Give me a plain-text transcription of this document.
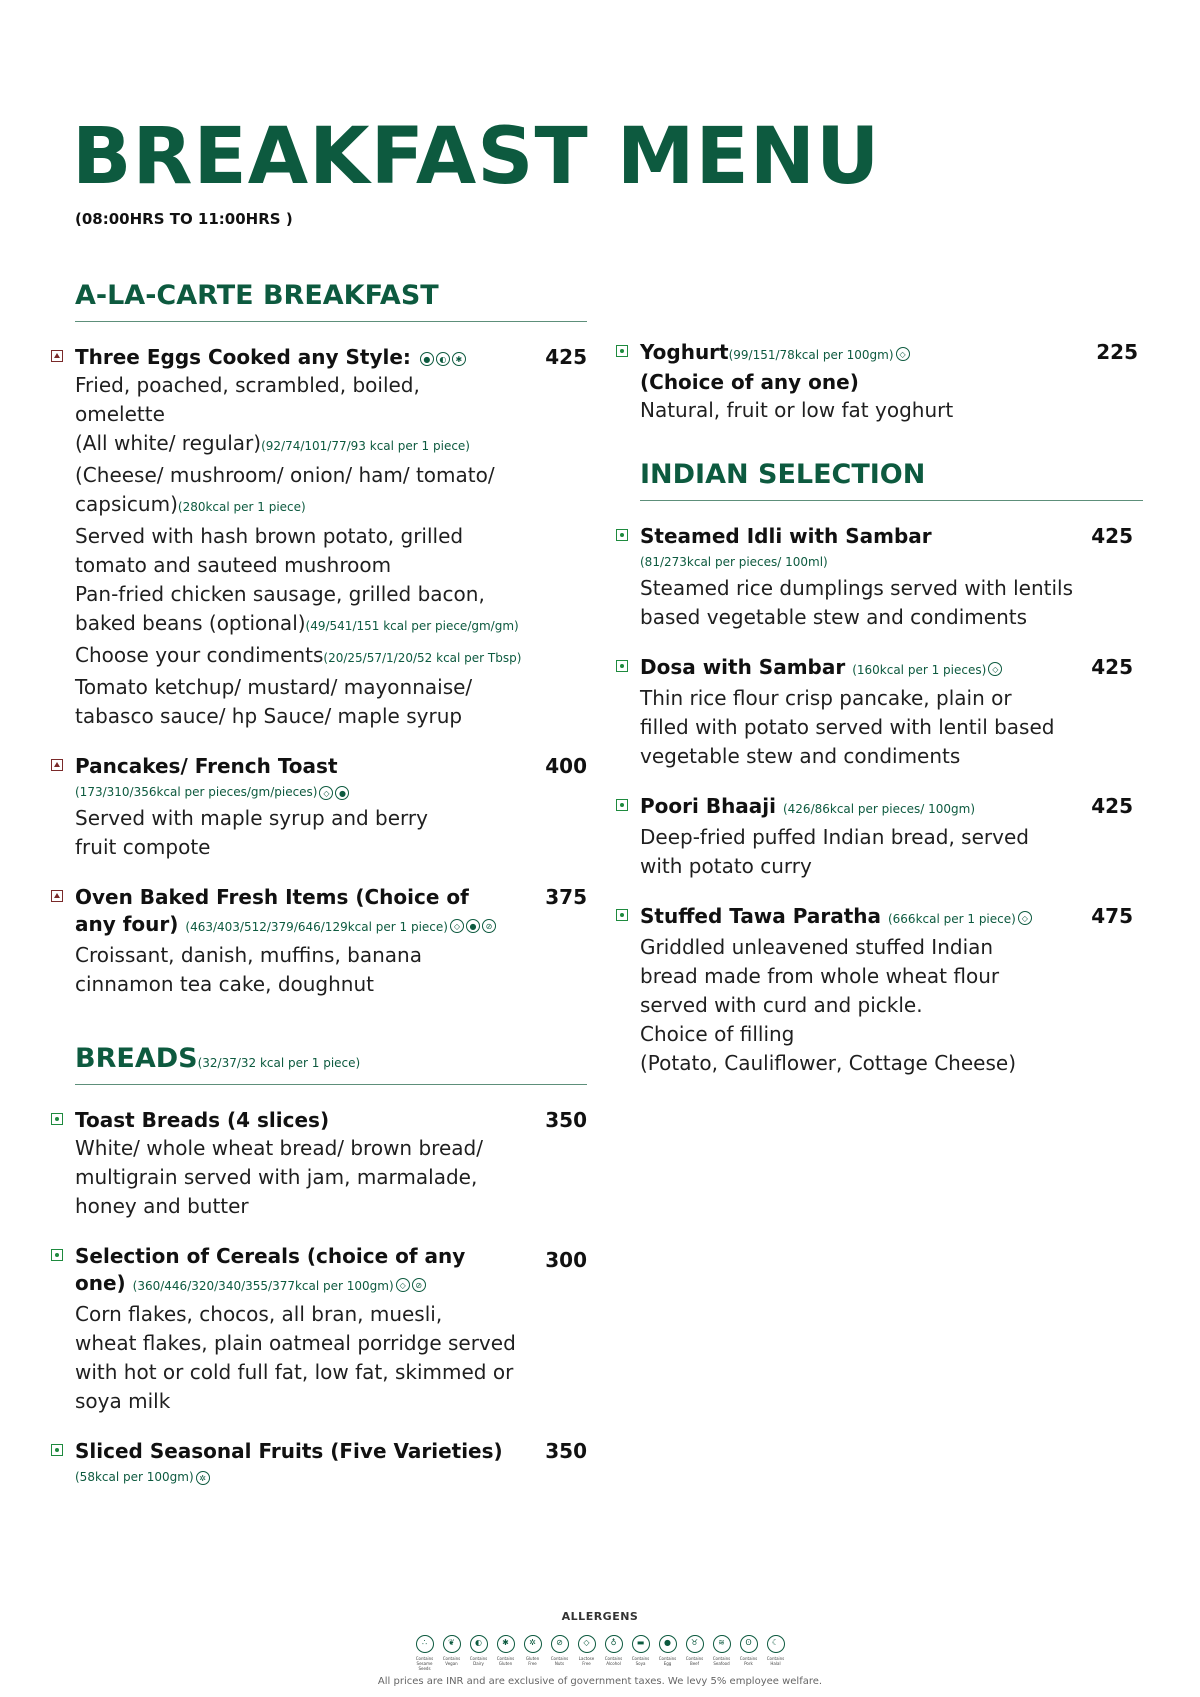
BREAKFAST MENU
(08:00HRS TO 11:00HRS )
A-LA-CARTE BREAKFAST
Three Eggs Cooked any Style: ● ◐ ✱	425
Fried, poached, scrambled, boiled,
omelette
(All white/ regular)(92/74/101/77/93 kcal per 1 piece)
(Cheese/ mushroom/ onion/ ham/ tomato/
capsicum)(280kcal per 1 piece)
Served with hash brown potato, grilled
tomato and sauteed mushroom
Pan-fried chicken sausage, grilled bacon,
baked beans (optional)(49/541/151 kcal per piece/gm/gm)
Choose your condiments(20/25/57/1/20/52 kcal per Tbsp)
Tomato ketchup/ mustard/ mayonnaise/
tabasco sauce/ hp Sauce/ maple syrup
Pancakes/ French Toast	400
(173/310/356kcal per pieces/gm/pieces) ◇ ●
Served with maple syrup and berry
fruit compote
Oven Baked Fresh Items (Choice of
any four) (463/403/512/379/646/129kcal per 1 piece) ◇ ● ⊘
375
Croissant, danish, muffins, banana
cinnamon tea cake, doughnut
BREADS(32/37/32 kcal per 1 piece)
Toast Breads (4 slices)	350
White/ whole wheat bread/ brown bread/
multigrain served with jam, marmalade,
honey and butter
Selection of Cereals (choice of any
one) (360/446/320/340/355/377kcal per 100gm) ◇ ⊘
300
Corn flakes, chocos, all bran, muesli,
wheat flakes, plain oatmeal porridge served
with hot or cold full fat, low fat, skimmed or
soya milk
Sliced Seasonal Fruits (Five Varieties)	350
(58kcal per 100gm) ✲
Yoghurt(99/151/78kcal per 100gm) ◇	225
(Choice of any one)
Natural, fruit or low fat yoghurt
INDIAN SELECTION
Steamed Idli with Sambar	425
(81/273kcal per pieces/ 100ml)
Steamed rice dumplings served with lentils
based vegetable stew and condiments
Dosa with Sambar (160kcal per 1 pieces) ◇	425
Thin rice flour crisp pancake, plain or
filled with potato served with lentil based
vegetable stew and condiments
Poori Bhaaji (426/86kcal per pieces/ 100gm)	425
Deep-fried puffed Indian bread, served
with potato curry
Stuffed Tawa Paratha (666kcal per 1 piece) ◇	475
Griddled unleavened stuffed Indian
bread made from whole wheat flour
served with curd and pickle.
Choice of filling
(Potato, Cauliflower, Cottage Cheese)
ALLERGENS
∴
Contains Sesame Seeds
❦
Contains Vegan
◐
Contains Dairy
✱
Contains Gluten
✲
Gluten Free
⊘
Contains Nuts
◇
Lactose Free
♁
Contains Alcohol
▬
Contains Soya
●
Contains Egg
♉
Contains Beef
≋
Contains Seafood
ʘ
Contains Pork
☾
Contains Halal
All prices are INR and are exclusive of government taxes. We levy 5% employee welfare.
